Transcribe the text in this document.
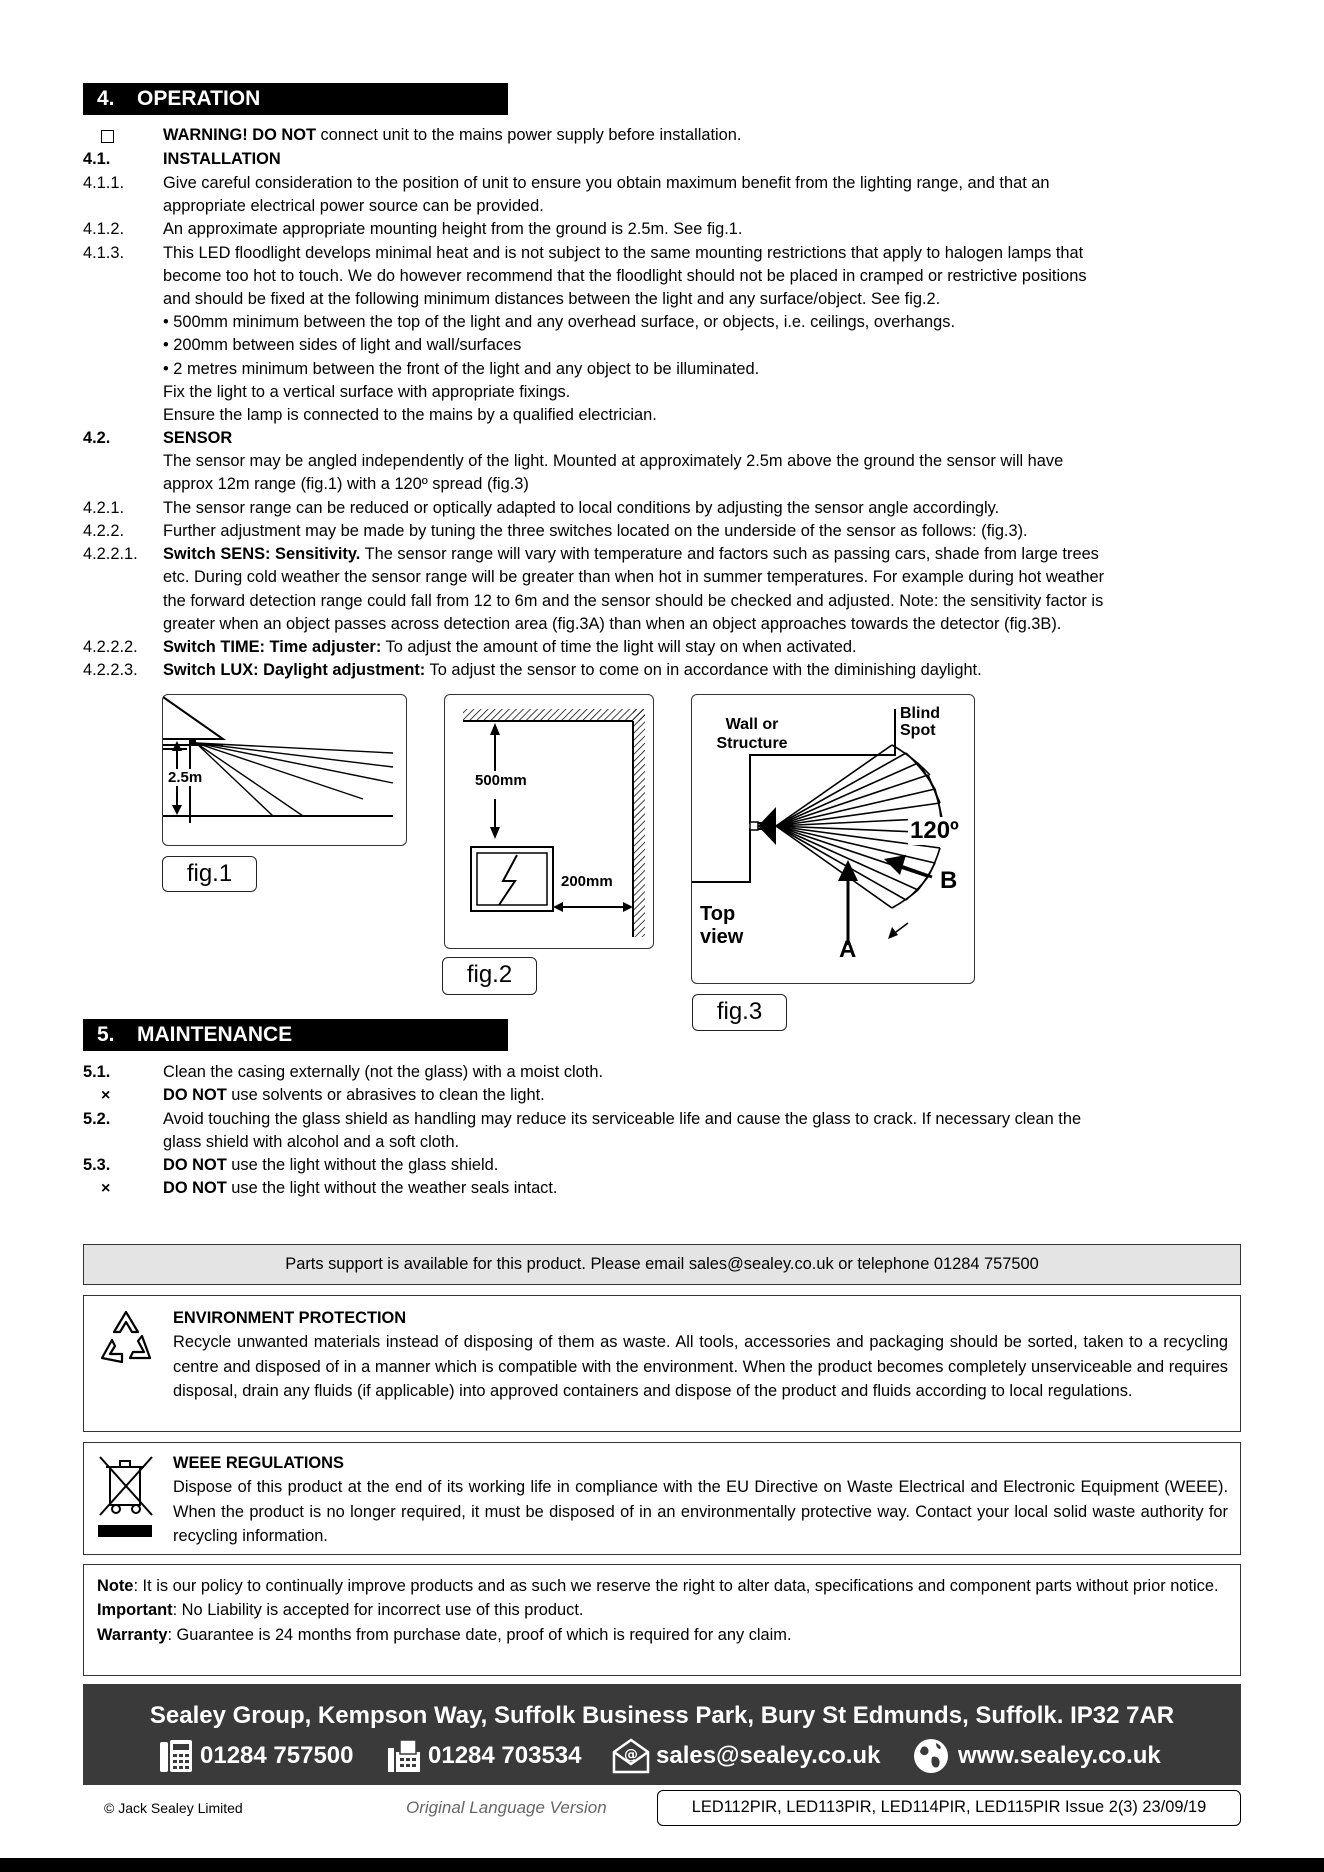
4. OPERATION
WARNING! DO NOT connect unit to the mains power supply before installation.
4.1.	INSTALLATION
4.1.1. Give careful consideration to the position of unit to ensure you obtain maximum benefit from the lighting range, and that an
appropriate electrical power source can be provided.
4.1.2. An approximate appropriate mounting height from the ground is 2.5m. See fig.1.
4.1.3. This LED floodlight develops minimal heat and is not subject to the same mounting restrictions that apply to halogen lamps that
become too hot to touch. We do however recommend that the floodlight should not be placed in cramped or restrictive positions
and should be fixed at the following minimum distances between the light and any surface/object. See fig.2.
• 500mm minimum between the top of the light and any overhead surface, or objects, i.e. ceilings, overhangs.
• 200mm between sides of light and wall/surfaces
• 2 metres minimum between the front of the light and any object to be illuminated.
Fix the light to a vertical surface with appropriate fixings.
Ensure the lamp is connected to the mains by a qualified electrician.
4.2.	SENSOR
The sensor may be angled independently of the light. Mounted at approximately 2.5m above the ground the sensor will have
approx 12m range (fig.1) with a 120º spread (fig.3)
4.2.1. The sensor range can be reduced or optically adapted to local conditions by adjusting the sensor angle accordingly.
4.2.2. Further adjustment may be made by tuning the three switches located on the underside of the sensor as follows: (fig.3).
4.2.2.1. Switch SENS: Sensitivity. The sensor range will vary with temperature and factors such as passing cars, shade from large trees
etc. During cold weather the sensor range will be greater than when hot in summer temperatures. For example during hot weather
the forward detection range could fall from 12 to 6m and the sensor should be checked and adjusted. Note: the sensitivity factor is
greater when an object passes across detection area (fig.3A) than when an object approaches towards the detector (fig.3B).
4.2.2.2. Switch TIME: Time adjuster: To adjust the amount of time the light will stay on when activated.
4.2.2.3. Switch LUX: Daylight adjustment: To adjust the sensor to come on in accordance with the diminishing daylight.
2.5m
fig.1
500mm
200mm
fig.2
Wall or
Structure
Blind
Spot
120º
B
A
Top
view
fig.3
5. MAINTENANCE
5.1.	Clean the casing externally (not the glass) with a moist cloth.
×	DO NOT use solvents or abrasives to clean the light.
5.2.	Avoid touching the glass shield as handling may reduce its serviceable life and cause the glass to crack. If necessary clean the
glass shield with alcohol and a soft cloth.
5.3.	DO NOT use the light without the glass shield.
×	DO NOT use the light without the weather seals intact.
Parts support is available for this product. Please email sales@sealey.co.uk or telephone 01284 757500
ENVIRONMENT PROTECTION
Recycle unwanted materials instead of disposing of them as waste. All tools, accessories and packaging should be sorted, taken to a recycling centre and disposed of in a manner which is compatible with the environment. When the product becomes completely unserviceable and requires disposal, drain any fluids (if applicable) into approved containers and dispose of the product and fluids according to local regulations.
WEEE REGULATIONS
Dispose of this product at the end of its working life in compliance with the EU Directive on Waste Electrical and Electronic Equipment (WEEE). When the product is no longer required, it must be disposed of in an environmentally protective way. Contact your local solid waste authority for recycling information.
Note: It is our policy to continually improve products and as such we reserve the right to alter data, specifications and component parts without prior notice.
Important: No Liability is accepted for incorrect use of this product.
Warranty: Guarantee is 24 months from purchase date, proof of which is required for any claim.
Sealey Group, Kempson Way, Suffolk Business Park, Bury St Edmunds, Suffolk. IP32 7AR
01284 757500	01284 703534	@ sales@sealey.co.uk	www.sealey.co.uk
© Jack Sealey Limited	Original Language Version	LED112PIR, LED113PIR, LED114PIR, LED115PIR Issue 2(3) 23/09/19
